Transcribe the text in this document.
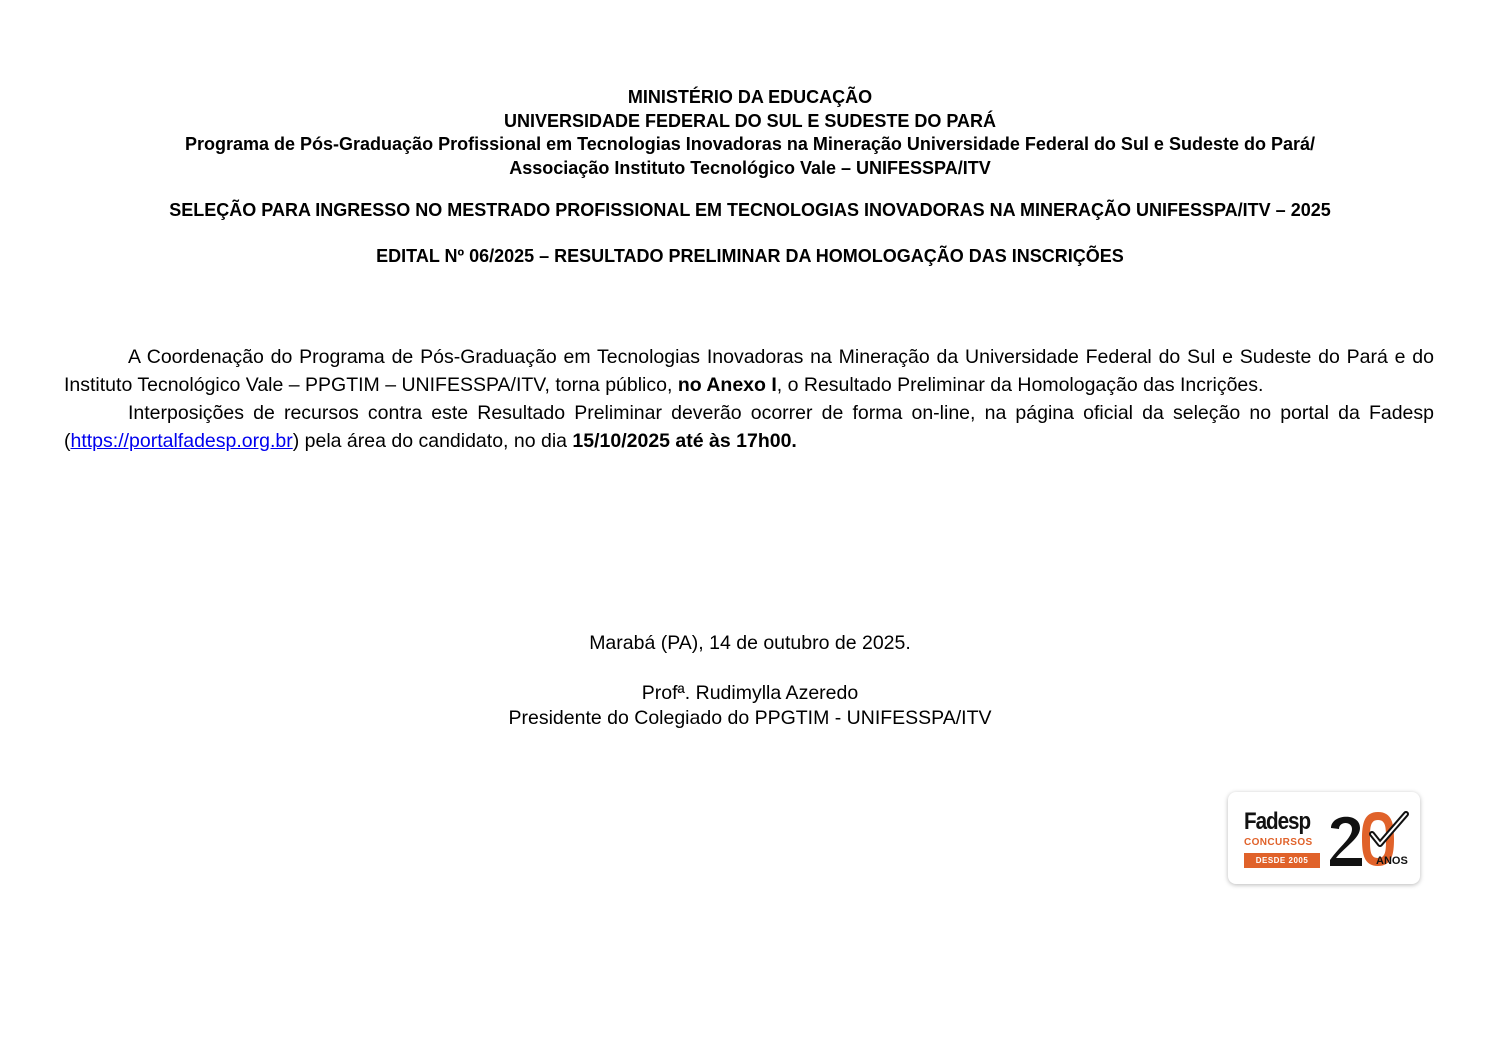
MINISTÉRIO DA EDUCAÇÃO
UNIVERSIDADE FEDERAL DO SUL E SUDESTE DO PARÁ
Programa de Pós-Graduação Profissional em Tecnologias Inovadoras na Mineração Universidade Federal do Sul e Sudeste do Pará/
Associação Instituto Tecnológico Vale – UNIFESSPA/ITV
SELEÇÃO PARA INGRESSO NO MESTRADO PROFISSIONAL EM TECNOLOGIAS INOVADORAS NA MINERAÇÃO UNIFESSPA/ITV – 2025
EDITAL Nº 06/2025 – RESULTADO PRELIMINAR DA HOMOLOGAÇÃO DAS INSCRIÇÕES

A Coordenação do Programa de Pós-Graduação em Tecnologias Inovadoras na Mineração da Universidade Federal do Sul e Sudeste do Pará e do Instituto Tecnológico Vale – PPGTIM – UNIFESSPA/ITV, torna público, no Anexo I, o Resultado Preliminar da Homologação das Incrições.

Interposições de recursos contra este Resultado Preliminar deverão ocorrer de forma on-line, na página oficial da seleção no portal da Fadesp (https://portalfadesp.org.br) pela área do candidato, no dia 15/10/2025 até às 17h00.

Marabá (PA), 14 de outubro de 2025.
Profª. Rudimylla Azeredo
Presidente do Colegiado do PPGTIM - UNIFESSPA/ITV
Fadesp
CONCURSOS
DESDE 2005	ANOS
